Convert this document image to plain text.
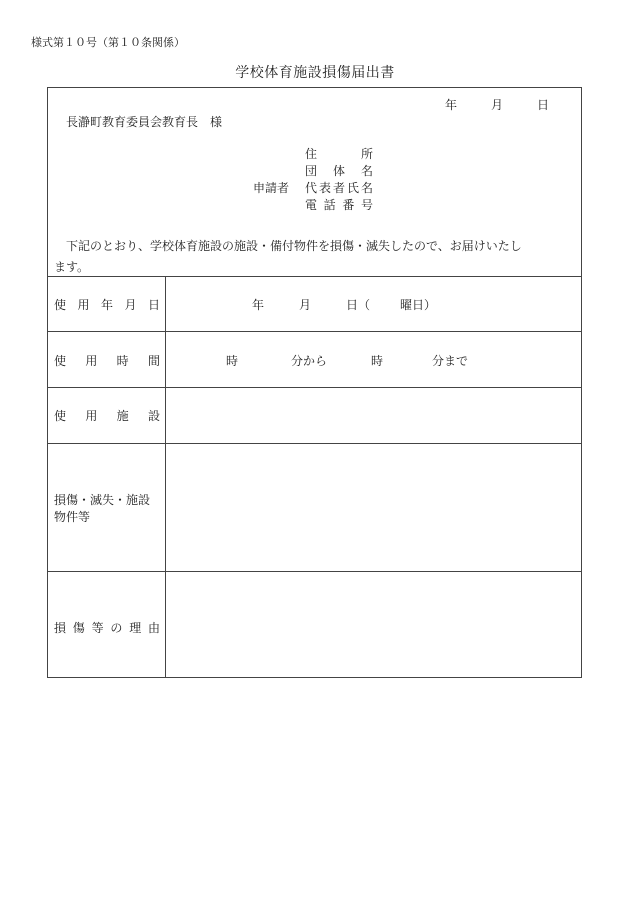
様式第１０号（第１０条関係）
学校体育施設損傷届出書
年	月	日
長瀞町教育委員会教育長　様
住　　所
団 体 名
申請者 代表者氏名
電 話 番 号
下記のとおり、学校体育施設の施設・備付物件を損傷・滅失したので、お届けいたし
ます。
使用年月日	年	月	日（ 曜日）
使用時間	時	分から	時	分まで
使用施設
損傷・滅失・施設
物件等
損傷等の理由
